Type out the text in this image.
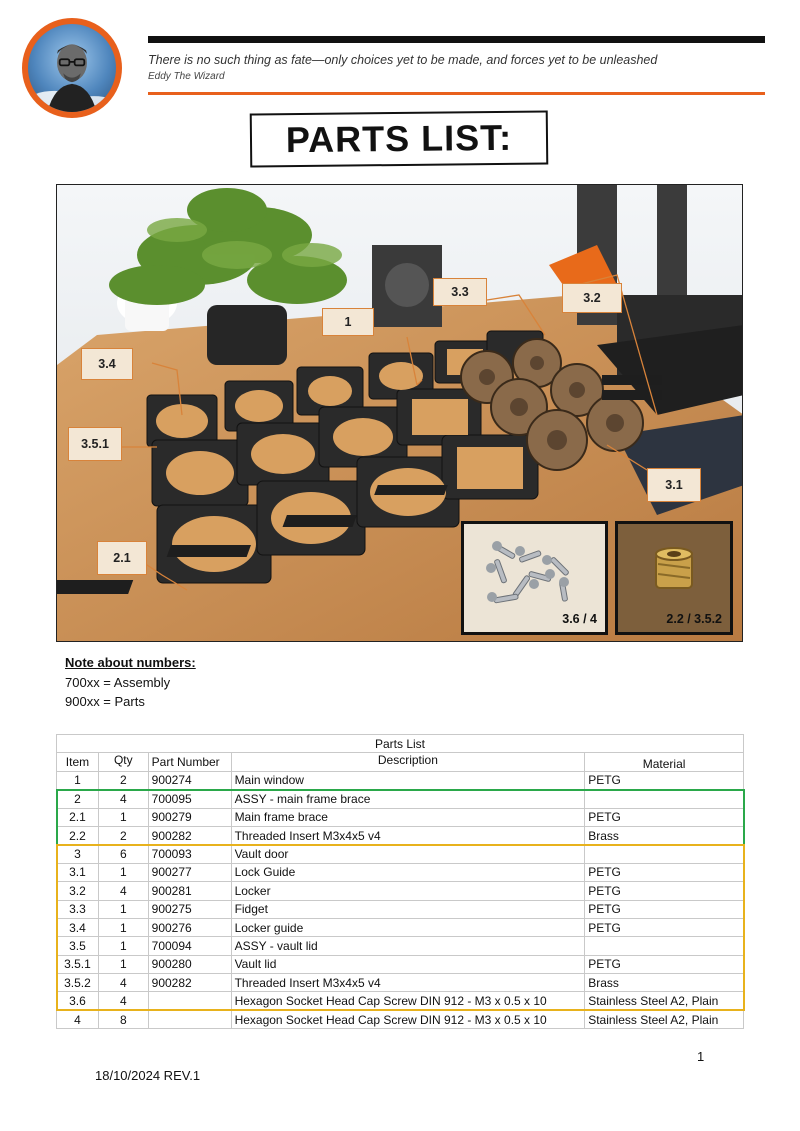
There is no such thing as fate—only choices yet to be made, and forces yet to be unleashed
Eddy The Wizard
PARTS LIST:
1
3.3	3.2
3.4
3.5.1
3.1
2.1
3.6 / 4	2.2 / 3.5.2
Note about numbers:
700xx = Assembly
900xx = Parts
Parts List				
Item	Qty	Part Number	Description	Material
1	2	900274	Main window	PETG
2	4	700095	ASSY - main frame brace	
2.1	1	900279	Main frame brace	PETG
2.2	2	900282	Threaded Insert M3x4x5 v4	Brass
3	6	700093	Vault door	
3.1	1	900277	Lock Guide	PETG
3.2	4	900281	Locker	PETG
3.3	1	900275	Fidget	PETG
3.4	1	900276	Locker guide	PETG
3.5	1	700094	ASSY - vault lid	
3.5.1	1	900280	Vault lid	PETG
3.5.2	4	900282	Threaded Insert M3x4x5 v4	Brass
3.6	4		Hexagon Socket Head Cap Screw DIN 912 - M3 x 0.5 x 10	Stainless Steel A2, Plain
4	8		Hexagon Socket Head Cap Screw DIN 912 - M3 x 0.5 x 10	Stainless Steel A2, Plain
1
18/10/2024 REV.1
